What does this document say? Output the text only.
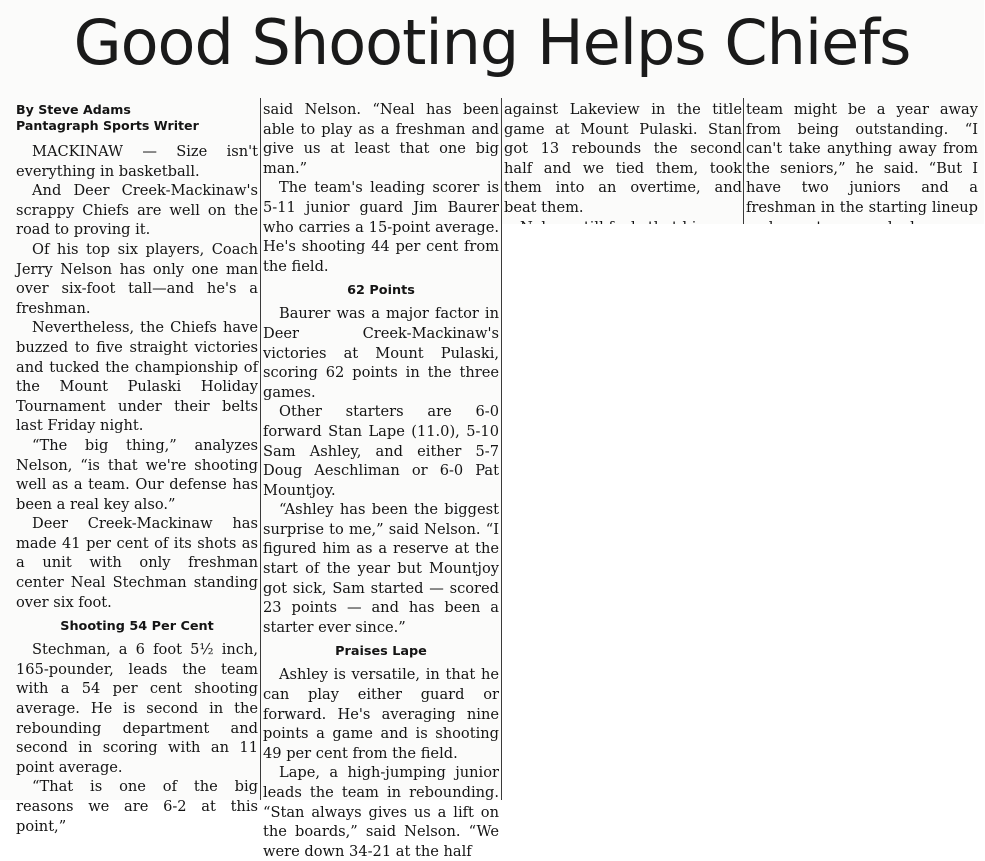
Good Shooting Helps Chiefs
By Steve Adams
Pantagraph Sports Writer

MACKINAW — Size isn't everything in basketball.

And Deer Creek-Mackinaw's scrappy Chiefs are well on the road to proving it.

Of his top six players, Coach Jerry Nelson has only one man over six-foot tall—and he's a freshman.

Nevertheless, the Chiefs have buzzed to five straight victories and tucked the championship of the Mount Pulaski Holiday Tournament under their belts last Friday night.

“The big thing,” analyzes Nelson, “is that we're shooting well as a team. Our defense has been a real key also.”

Deer Creek-Mackinaw has made 41 per cent of its shots as a unit with only freshman center Neal Stechman standing over six foot.

Shooting 54 Per Cent

Stechman, a 6 foot 5½ inch, 165-pounder, leads the team with a 54 per cent shooting average. He is second in the rebounding department and second in scoring with an 11 point average.

“That is one of the big reasons we are 6-2 at this point,”

said Nelson. “Neal has been able to play as a freshman and give us at least that one big man.”

The team's leading scorer is 5-11 junior guard Jim Baurer who carries a 15-point average. He's shooting 44 per cent from the field.

62 Points

Baurer was a major factor in Deer Creek-Mackinaw's victories at Mount Pulaski, scoring 62 points in the three games.

Other starters are 6-0 forward Stan Lape (11.0), 5-10 Sam Ashley, and either 5-7 Doug Aeschliman or 6-0 Pat Mountjoy.

“Ashley has been the biggest surprise to me,” said Nelson. “I figured him as a reserve at the start of the year but Mountjoy got sick, Sam started — scored 23 points — and has been a starter ever since.”

Praises Lape

Ashley is versatile, in that he can play either guard or forward. He's averaging nine points a game and is shooting 49 per cent from the field.

Lape, a high-jumping junior leads the team in rebounding. “Stan always gives us a lift on the boards,” said Nelson. “We were down 34-21 at the half

against Lakeview in the title game at Mount Pulaski. Stan got 13 rebounds the second half and we tied them, took them into an overtime, and beat them.

team might be a year away from being outstanding. “I can't take anything away from the seniors,” he said. “But I have two juniors and a freshman in the starting lineup
